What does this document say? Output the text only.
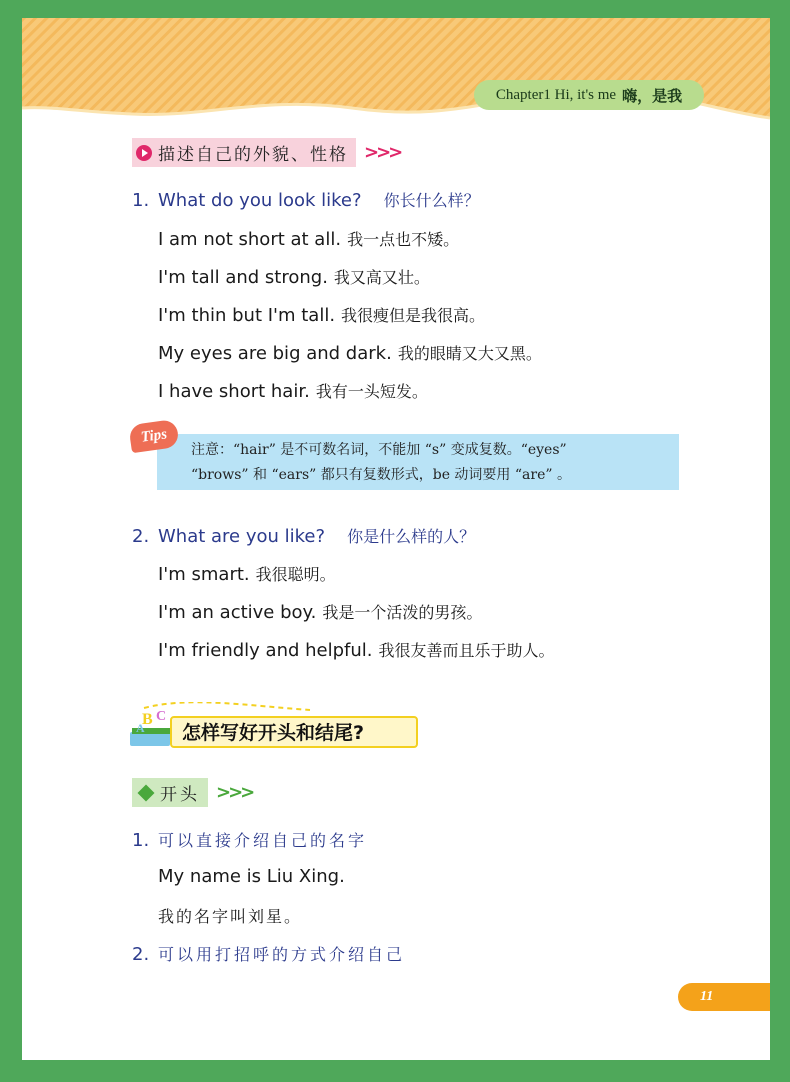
Chapter1 Hi, it's me 嗨，是我
描述自己的外貌、性格 >>>
1. What do you look like? 你长什么样？
I am not short at all. 我一点也不矮。
I'm tall and strong. 我又高又壮。
I'm thin but I'm tall. 我很瘦但是我很高。
My eyes are big and dark. 我的眼睛又大又黑。
I have short hair. 我有一头短发。
注意：“hair” 是不可数名词，不能加 “s” 变成复数。“eyes”
“brows” 和 “ears” 都只有复数形式，be 动词要用 “are” 。
Tips
2. What are you like? 你是什么样的人？
I'm smart. 我很聪明。
I'm an active boy. 我是一个活泼的男孩。
I'm friendly and helpful. 我很友善而且乐于助人。
B C
A 怎样写好开头和结尾?
开头 >>>
1. 可以直接介绍自己的名字
My name is Liu Xing.
我的名字叫刘星。
2. 可以用打招呼的方式介绍自己
11
